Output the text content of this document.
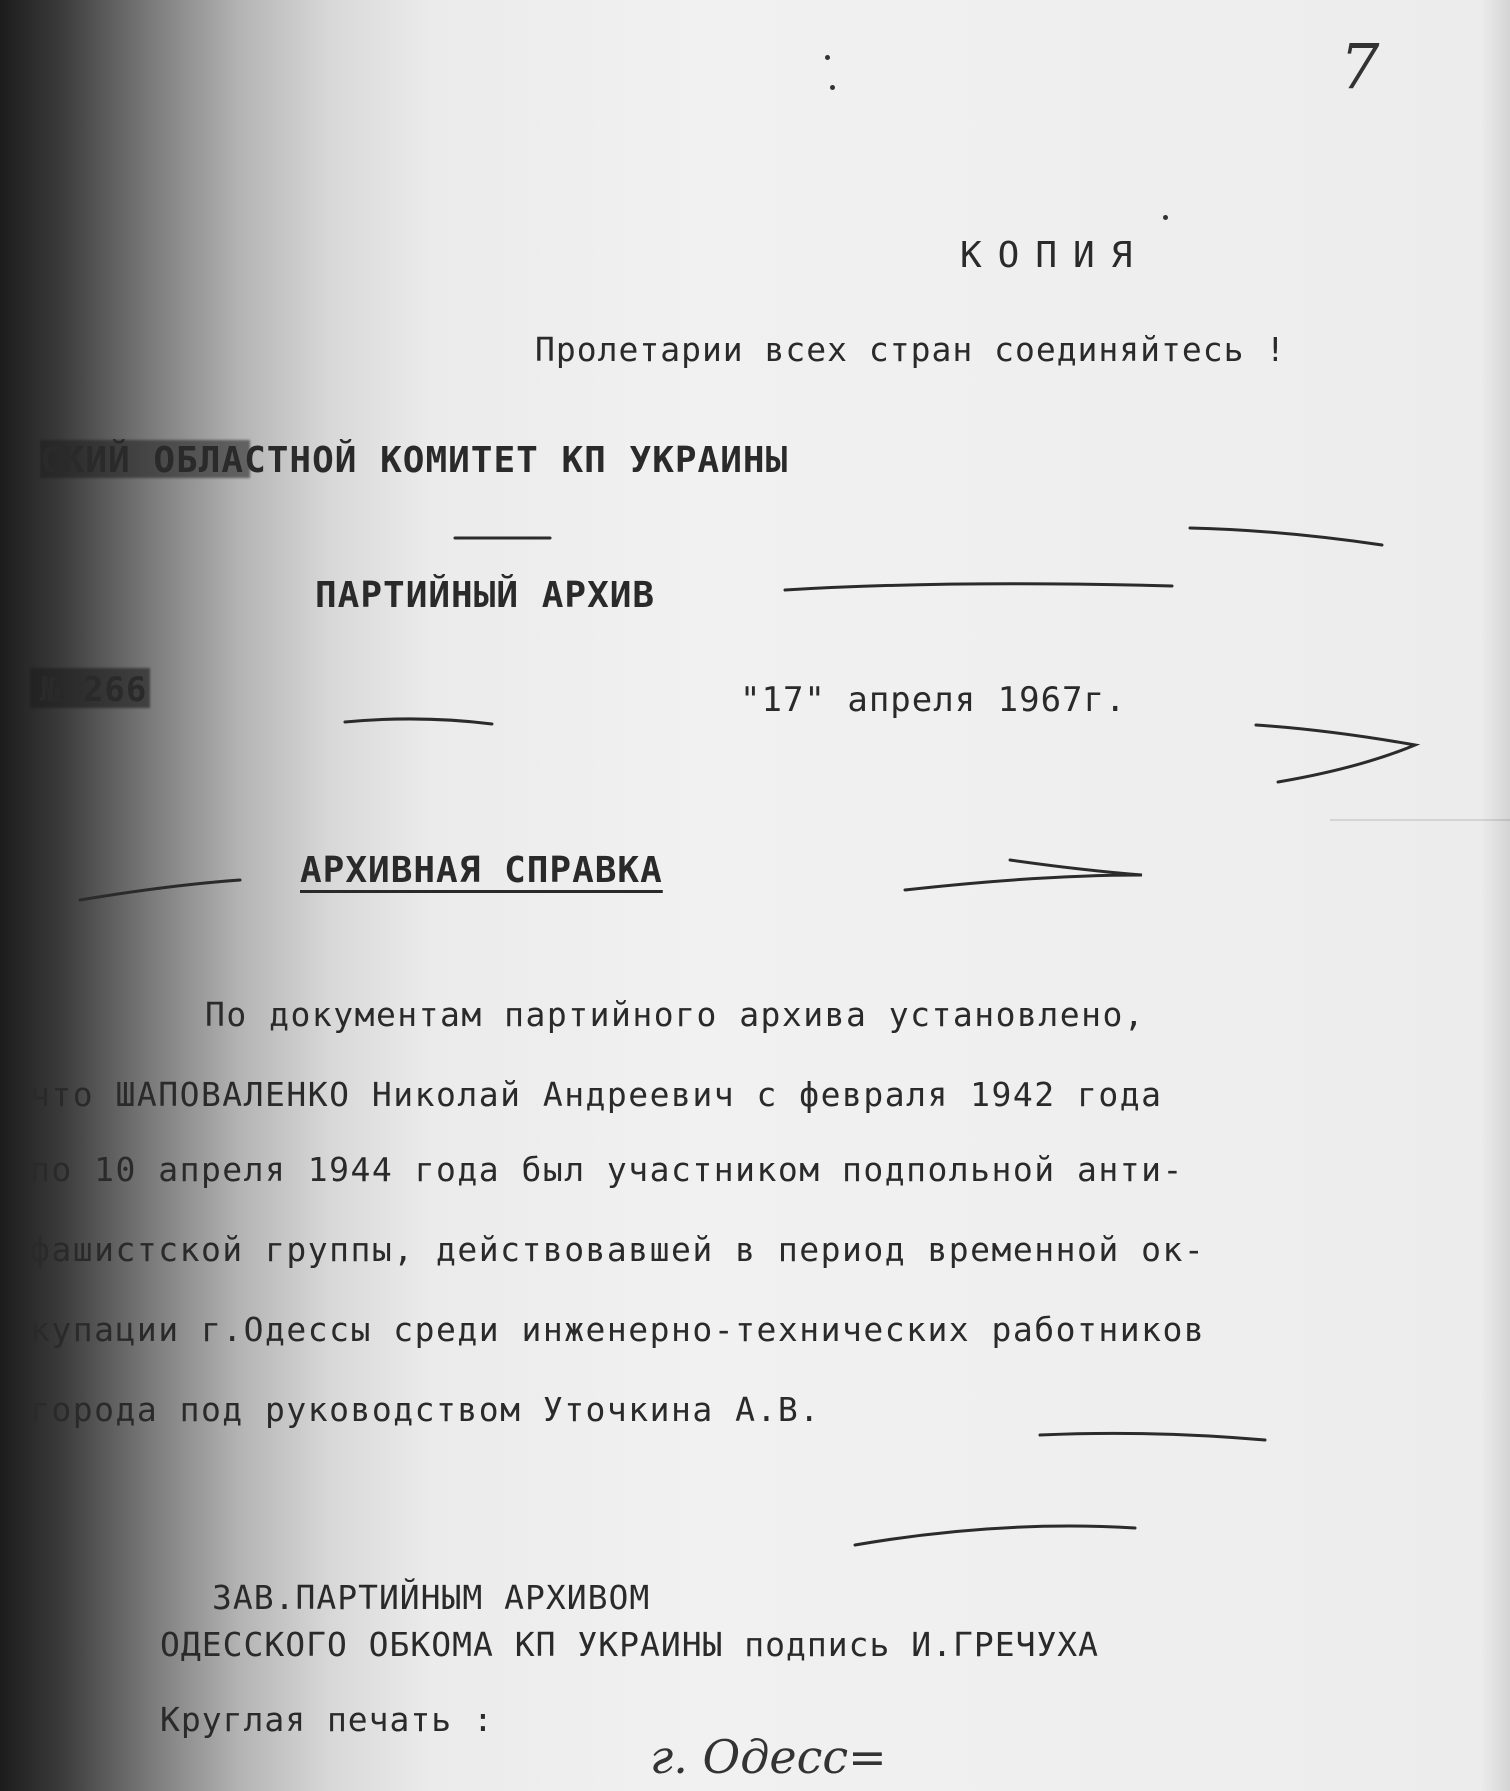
7
КОПИЯ
Пролетарии всех стран соединяйтесь !
СКИЙ ОБЛАСТНОЙ КОМИТЕТ КП УКРАИНЫ
ПАРТИЙНЫЙ АРХИВ
№ 266	"17" апреля 1967г.
АРХИВНАЯ СПРАВКА
По документам партийного архива установлено,
что ШАПОВАЛЕНКО Николай Андреевич с февраля 1942 года
по 10 апреля 1944 года был участником подпольной анти-
фашистской группы, действовавшей в период временной ок-
купации г.Одессы среди инженерно-технических работников
города под руководством Уточкина А.В.
ЗАВ.ПАРТИЙНЫМ АРХИВОМ
ОДЕССКОГО ОБКОМА КП УКРАИНЫ подпись И.ГРЕЧУХА
Круглая печать :
г. Одесс=
